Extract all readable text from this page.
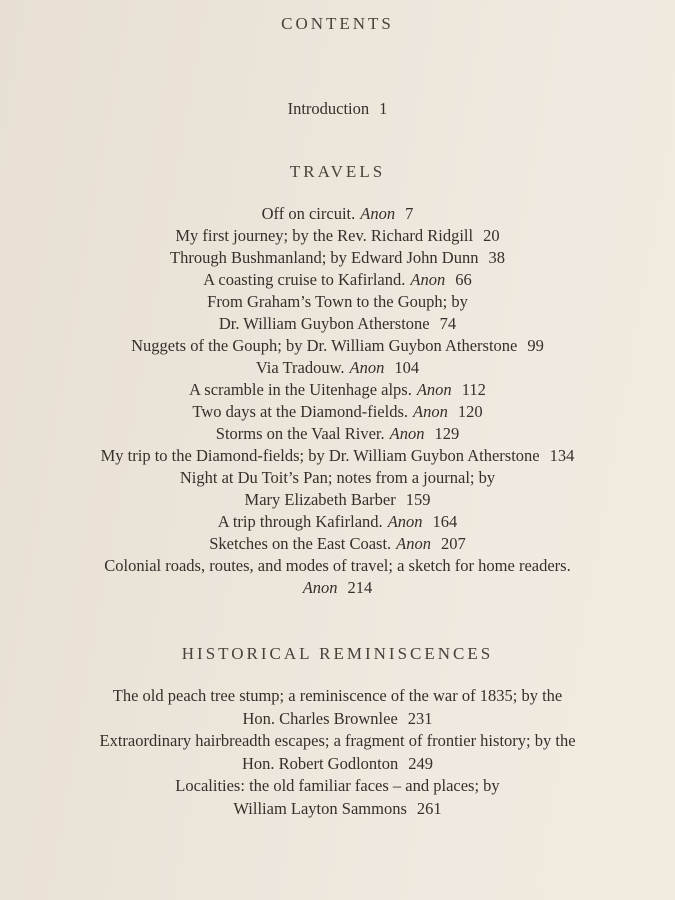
CONTENTS
Introduction 1
TRAVELS
Off on circuit. Anon 7
My first journey; by the Rev. Richard Ridgill 20
Through Bushmanland; by Edward John Dunn 38
A coasting cruise to Kafirland. Anon 66
From Graham’s Town to the Gouph; by
Dr. William Guybon Atherstone 74
Nuggets of the Gouph; by Dr. William Guybon Atherstone 99
Via Tradouw. Anon 104
A scramble in the Uitenhage alps. Anon 112
Two days at the Diamond-fields. Anon 120
Storms on the Vaal River. Anon 129
My trip to the Diamond-fields; by Dr. William Guybon Atherstone 134
Night at Du Toit’s Pan; notes from a journal; by
Mary Elizabeth Barber 159
A trip through Kafirland. Anon 164
Sketches on the East Coast. Anon 207
Colonial roads, routes, and modes of travel; a sketch for home readers.
Anon 214
HISTORICAL REMINISCENCES
The old peach tree stump; a reminiscence of the war of 1835; by the
Hon. Charles Brownlee 231
Extraordinary hairbreadth escapes; a fragment of frontier history; by the
Hon. Robert Godlonton 249
Localities: the old familiar faces – and places; by
William Layton Sammons 261
